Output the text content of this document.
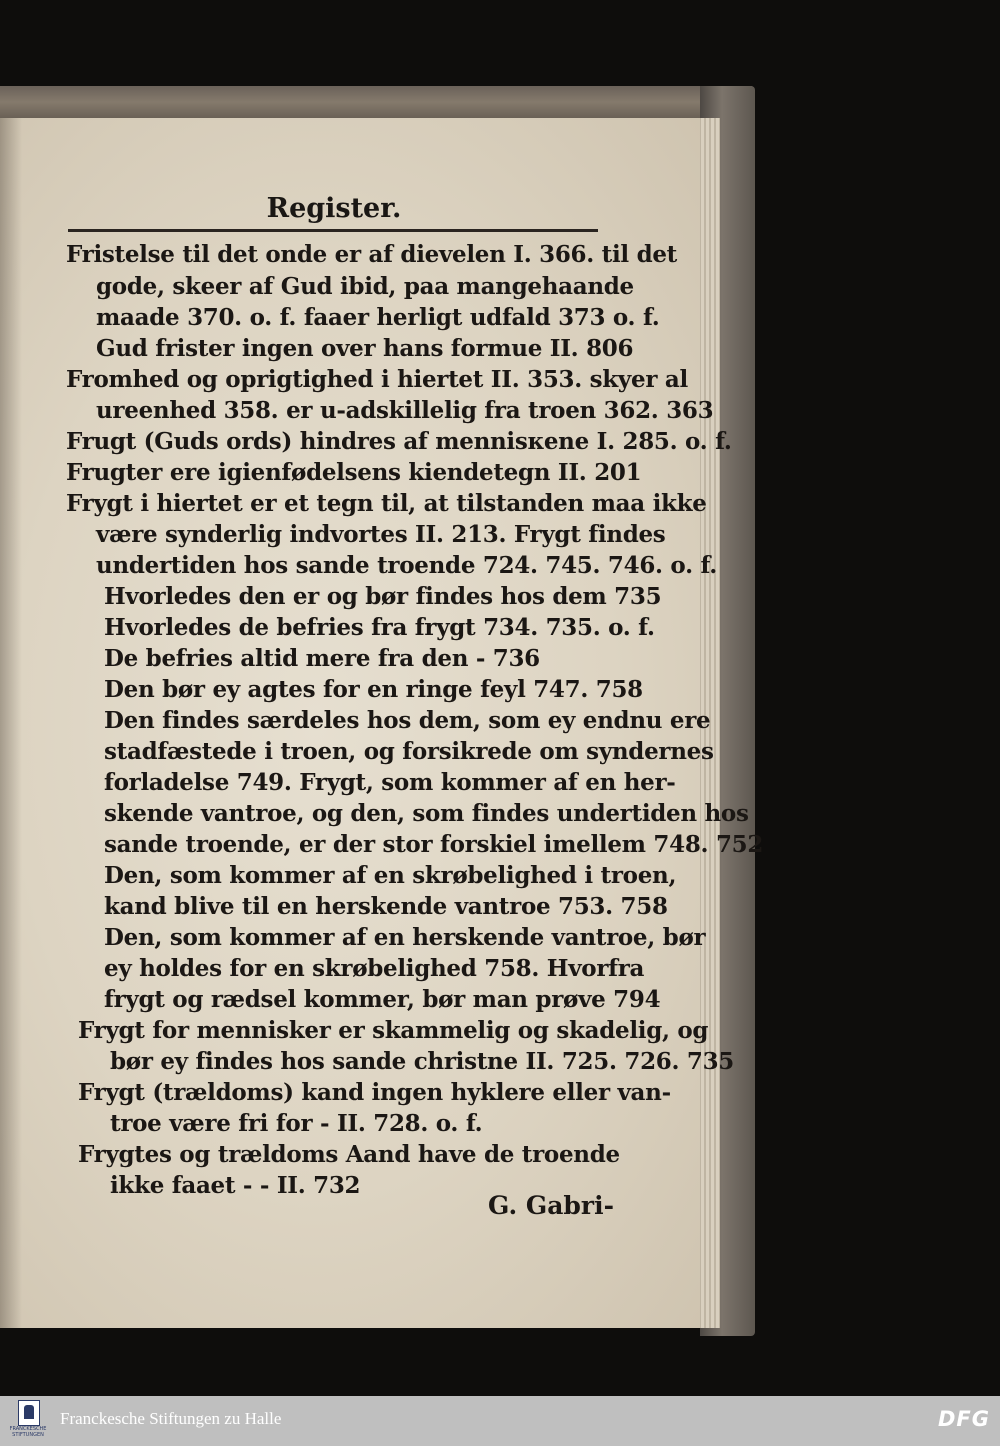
Register.
Fristelse til det onde er af dievelen I. 366. til det
gode, skeer af Gud ibid, paa mangehaande
maade 370. o. f. faaer herligt udfald 373 o. f.
Gud frister ingen over hans formue II. 806
Fromhed og oprigtighed i hiertet II. 353. skyer al
ureenhed 358. er u-adskillelig fra troen 362. 363
Frugt (Guds ords) hindres af mennisкene I. 285. o. f.
Frugter ere igienfødelsens kiendetegn II. 201
Frygt i hiertet er et tegn til, at tilstanden maa ikke
være synderlig indvortes II. 213. Frygt findes
undertiden hos sande troende 724. 745. 746. o. f.
Hvorledes den er og bør findes hos dem 735
Hvorledes de befries fra frygt 734. 735. o. f.
De befries altid mere fra den - 736
Den bør ey agtes for en ringe feyl 747. 758
Den findes særdeles hos dem, som ey endnu ere
stadfæstede i troen, og forsikrede om syndernes
forladelse 749. Frygt, som kommer af en her-
skende vantroe, og den, som findes undertiden hos
sande troende, er der stor forskiel imellem 748. 752
Den, som kommer af en skrøbelighed i troen,
kand blive til en herskende vantroe 753. 758
Den, som kommer af en herskende vantroe, bør
ey holdes for en skrøbelighed 758. Hvorfra
frygt og rædsel kommer, bør man prøve 794
Frygt for mennisker er skammelig og skadelig, og
bør ey findes hos sande christne II. 725. 726. 735
Frygt (trældoms) kand ingen hyklere eller van-
troe være fri for - II. 728. o. f.
Frygtes og trældoms Aand have de troende
ikke faaet - - II. 732
G. Gabri-
FRANCKESCHE STIFTUNGEN
Franckesche Stiftungen zu Halle	DFG
